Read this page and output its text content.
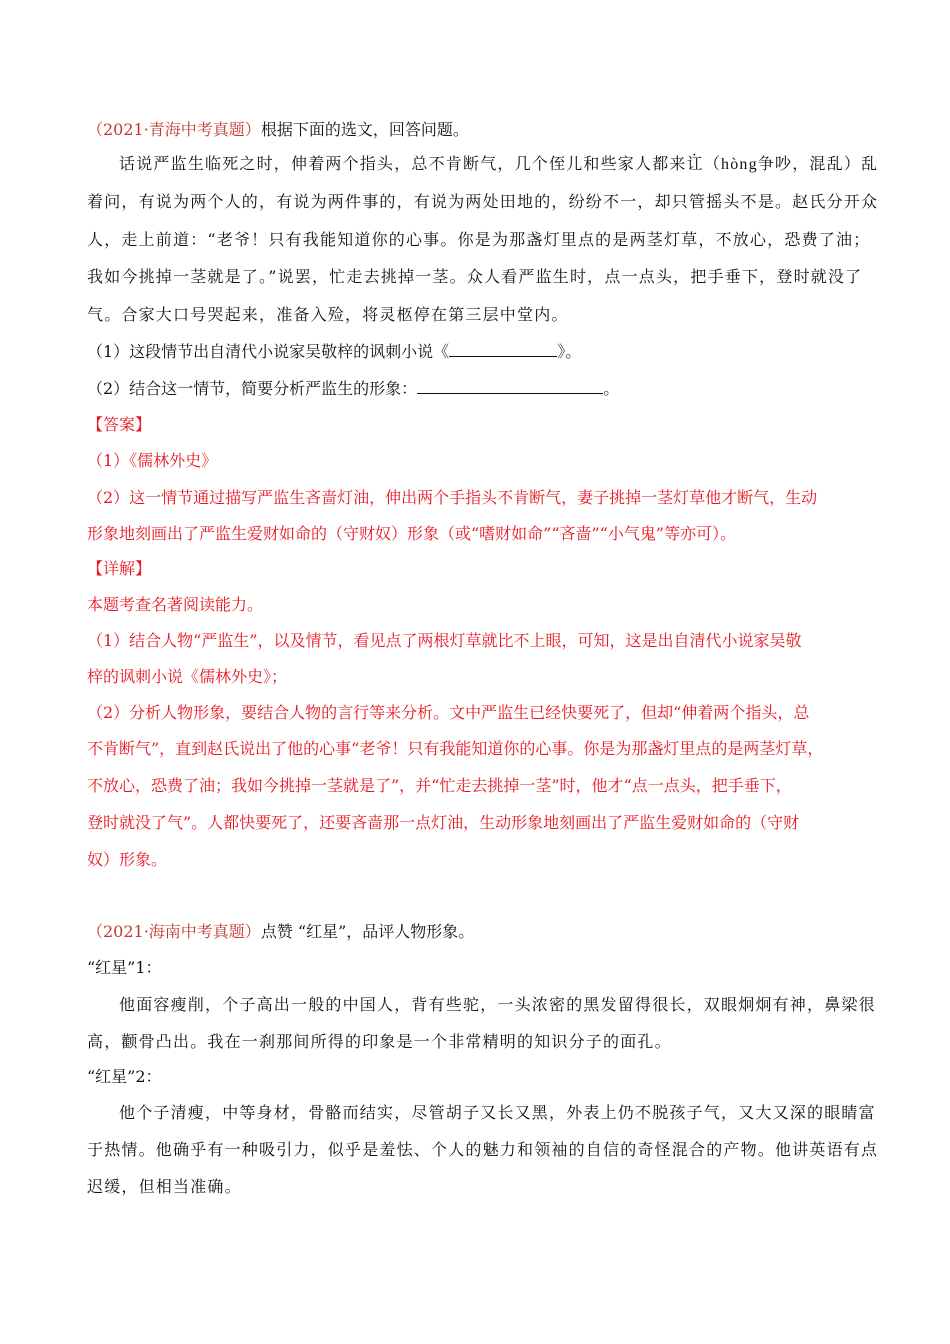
（2021·青海中考真题）根据下面的选文，回答问题。
话说严监生临死之时，伸着两个指头，总不肯断气，几个侄儿和些家人都来讧（hòng争吵，混乱）乱
着问，有说为两个人的，有说为两件事的，有说为两处田地的，纷纷不一，却只管摇头不是。赵氏分开众
人，走上前道：“老爷！只有我能知道你的心事。你是为那盏灯里点的是两茎灯草，不放心，恐费了油；
我如今挑掉一茎就是了。”说罢，忙走去挑掉一茎。众人看严监生时，点一点头，把手垂下，登时就没了
气。合家大口号哭起来，准备入殓，将灵柩停在第三层中堂内。
（1）这段情节出自清代小说家吴敬梓的讽刺小说《	》。
（2）结合这一情节，简要分析严监生的形象：	。
【答案】
（1）《儒林外史》
（2）这一情节通过描写严监生吝啬灯油，伸出两个手指头不肯断气，妻子挑掉一茎灯草他才断气，生动
形象地刻画出了严监生爱财如命的（守财奴）形象（或“嗜财如命”“吝啬”“小气鬼”等亦可）。
【详解】
本题考查名著阅读能力。
（1）结合人物“严监生”，以及情节，看见点了两根灯草就比不上眼，可知，这是出自清代小说家吴敬
梓的讽刺小说《儒林外史》；
（2）分析人物形象，要结合人物的言行等来分析。文中严监生已经快要死了，但却“伸着两个指头，总
不肯断气”，直到赵氏说出了他的心事“老爷！只有我能知道你的心事。你是为那盏灯里点的是两茎灯草，
不放心，恐费了油；我如今挑掉一茎就是了”，并“忙走去挑掉一茎”时，他才“点一点头，把手垂下，
登时就没了气”。人都快要死了，还要吝啬那一点灯油，生动形象地刻画出了严监生爱财如命的（守财
奴）形象。
（2021·海南中考真题）点赞 “红星”，品评人物形象。
“红星”1：
他面容瘦削，个子高出一般的中国人，背有些驼，一头浓密的黑发留得很长，双眼炯炯有神，鼻梁很
高，颧骨凸出。我在一刹那间所得的印象是一个非常精明的知识分子的面孔。
“红星”2：
他个子清瘦，中等身材，骨骼而结实，尽管胡子又长又黑，外表上仍不脱孩子气，又大又深的眼睛富
于热情。他确乎有一种吸引力，似乎是羞怯、个人的魅力和领袖的自信的奇怪混合的产物。他讲英语有点
迟缓，但相当准确。
